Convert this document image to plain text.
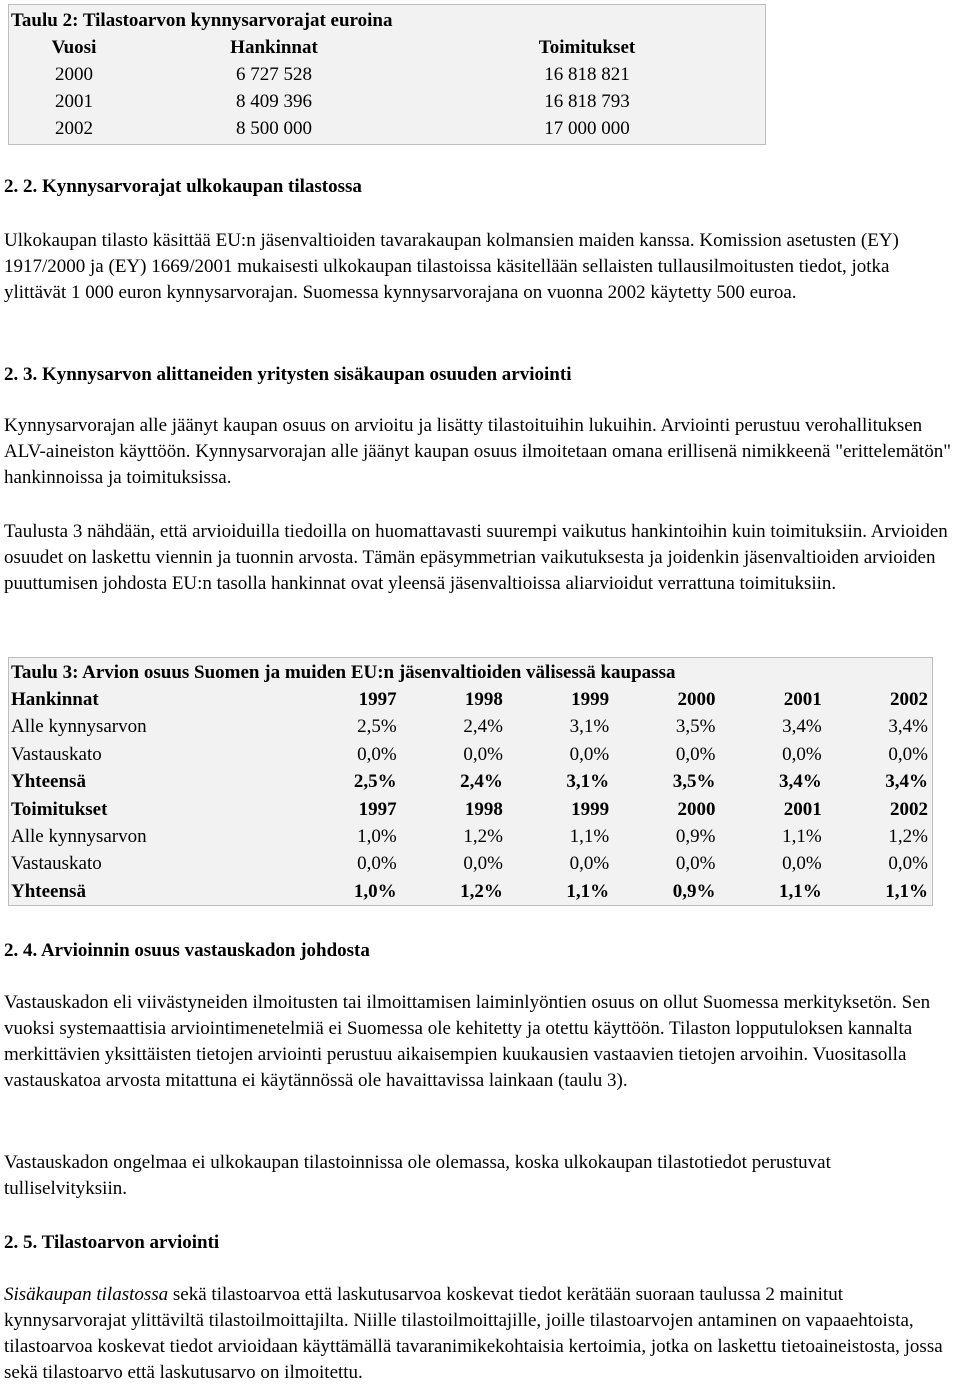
Taulu 2: Tilastoarvon kynnysarvorajat euroina
Vuosi	Hankinnat	Toimitukset
2000	6 727 528	16 818 821
2001	8 409 396	16 818 793
2002	8 500 000	17 000 000
2. 2. Kynnysarvorajat ulkokaupan tilastossa

Ulkokaupan tilasto käsittää EU:n jäsenvaltioiden tavarakaupan kolmansien maiden kanssa. Komission asetusten (EY) 1917/2000 ja (EY) 1669/2001 mukaisesti ulkokaupan tilastoissa käsitellään sellaisten tullausilmoitusten tiedot, jotka ylittävät 1 000 euron kynnysarvorajan. Suomessa kynnysarvorajana on vuonna 2002 käytetty 500 euroa.

2. 3. Kynnysarvon alittaneiden yritysten sisäkaupan osuuden arviointi

Kynnysarvorajan alle jäänyt kaupan osuus on arvioitu ja lisätty tilastoituihin lukuihin. Arviointi perustuu verohallituksen ALV-aineiston käyttöön. Kynnysarvorajan alle jäänyt kaupan osuus ilmoitetaan omana erillisenä nimikkeenä "erittelemätön" hankinnoissa ja toimituksissa.

Taulusta 3 nähdään, että arvioiduilla tiedoilla on huomattavasti suurempi vaikutus hankintoihin kuin toimituksiin. Arvioiden osuudet on laskettu viennin ja tuonnin arvosta. Tämän epäsymmetrian vaikutuksesta ja joidenkin jäsenvaltioiden arvioiden puuttumisen johdosta EU:n tasolla hankinnat ovat yleensä jäsenvaltioissa aliarvioidut verrattuna toimituksiin.

Taulu 3: Arvion osuus Suomen ja muiden EU:n jäsenvaltioiden välisessä kaupassa
Hankinnat	1997	1998	1999	2000	2001	2002
Alle kynnysarvon	2,5%	2,4%	3,1%	3,5%	3,4%	3,4%
Vastauskato	0,0%	0,0%	0,0%	0,0%	0,0%	0,0%
Yhteensä	2,5%	2,4%	3,1%	3,5%	3,4%	3,4%
Toimitukset	1997	1998	1999	2000	2001	2002
Alle kynnysarvon	1,0%	1,2%	1,1%	0,9%	1,1%	1,2%
Vastauskato	0,0%	0,0%	0,0%	0,0%	0,0%	0,0%
Yhteensä	1,0%	1,2%	1,1%	0,9%	1,1%	1,1%
2. 4. Arvioinnin osuus vastauskadon johdosta

Vastauskadon eli viivästyneiden ilmoitusten tai ilmoittamisen laiminlyöntien osuus on ollut Suomessa merkityksetön. Sen vuoksi systemaattisia arviointimenetelmiä ei Suomessa ole kehitetty ja otettu käyttöön. Tilaston lopputuloksen kannalta merkittävien yksittäisten tietojen arviointi perustuu aikaisempien kuukausien vastaavien tietojen arvoihin. Vuositasolla vastauskatoa arvosta mitattuna ei käytännössä ole havaittavissa lainkaan (taulu 3).

Vastauskadon ongelmaa ei ulkokaupan tilastoinnissa ole olemassa, koska ulkokaupan tilastotiedot perustuvat tulliselvityksiin.

2. 5. Tilastoarvon arviointi

Sisäkaupan tilastossa sekä tilastoarvoa että laskutusarvoa koskevat tiedot kerätään suoraan taulussa 2 mainitut kynnysarvorajat ylittäviltä tilastoilmoittajilta. Niille tilastoilmoittajille, joille tilastoarvojen antaminen on vapaaehtoista, tilastoarvoa koskevat tiedot arvioidaan käyttämällä tavaranimikekohtaisia kertoimia, jotka on laskettu tietoaineistosta, jossa sekä tilastoarvo että laskutusarvo on ilmoitettu.
